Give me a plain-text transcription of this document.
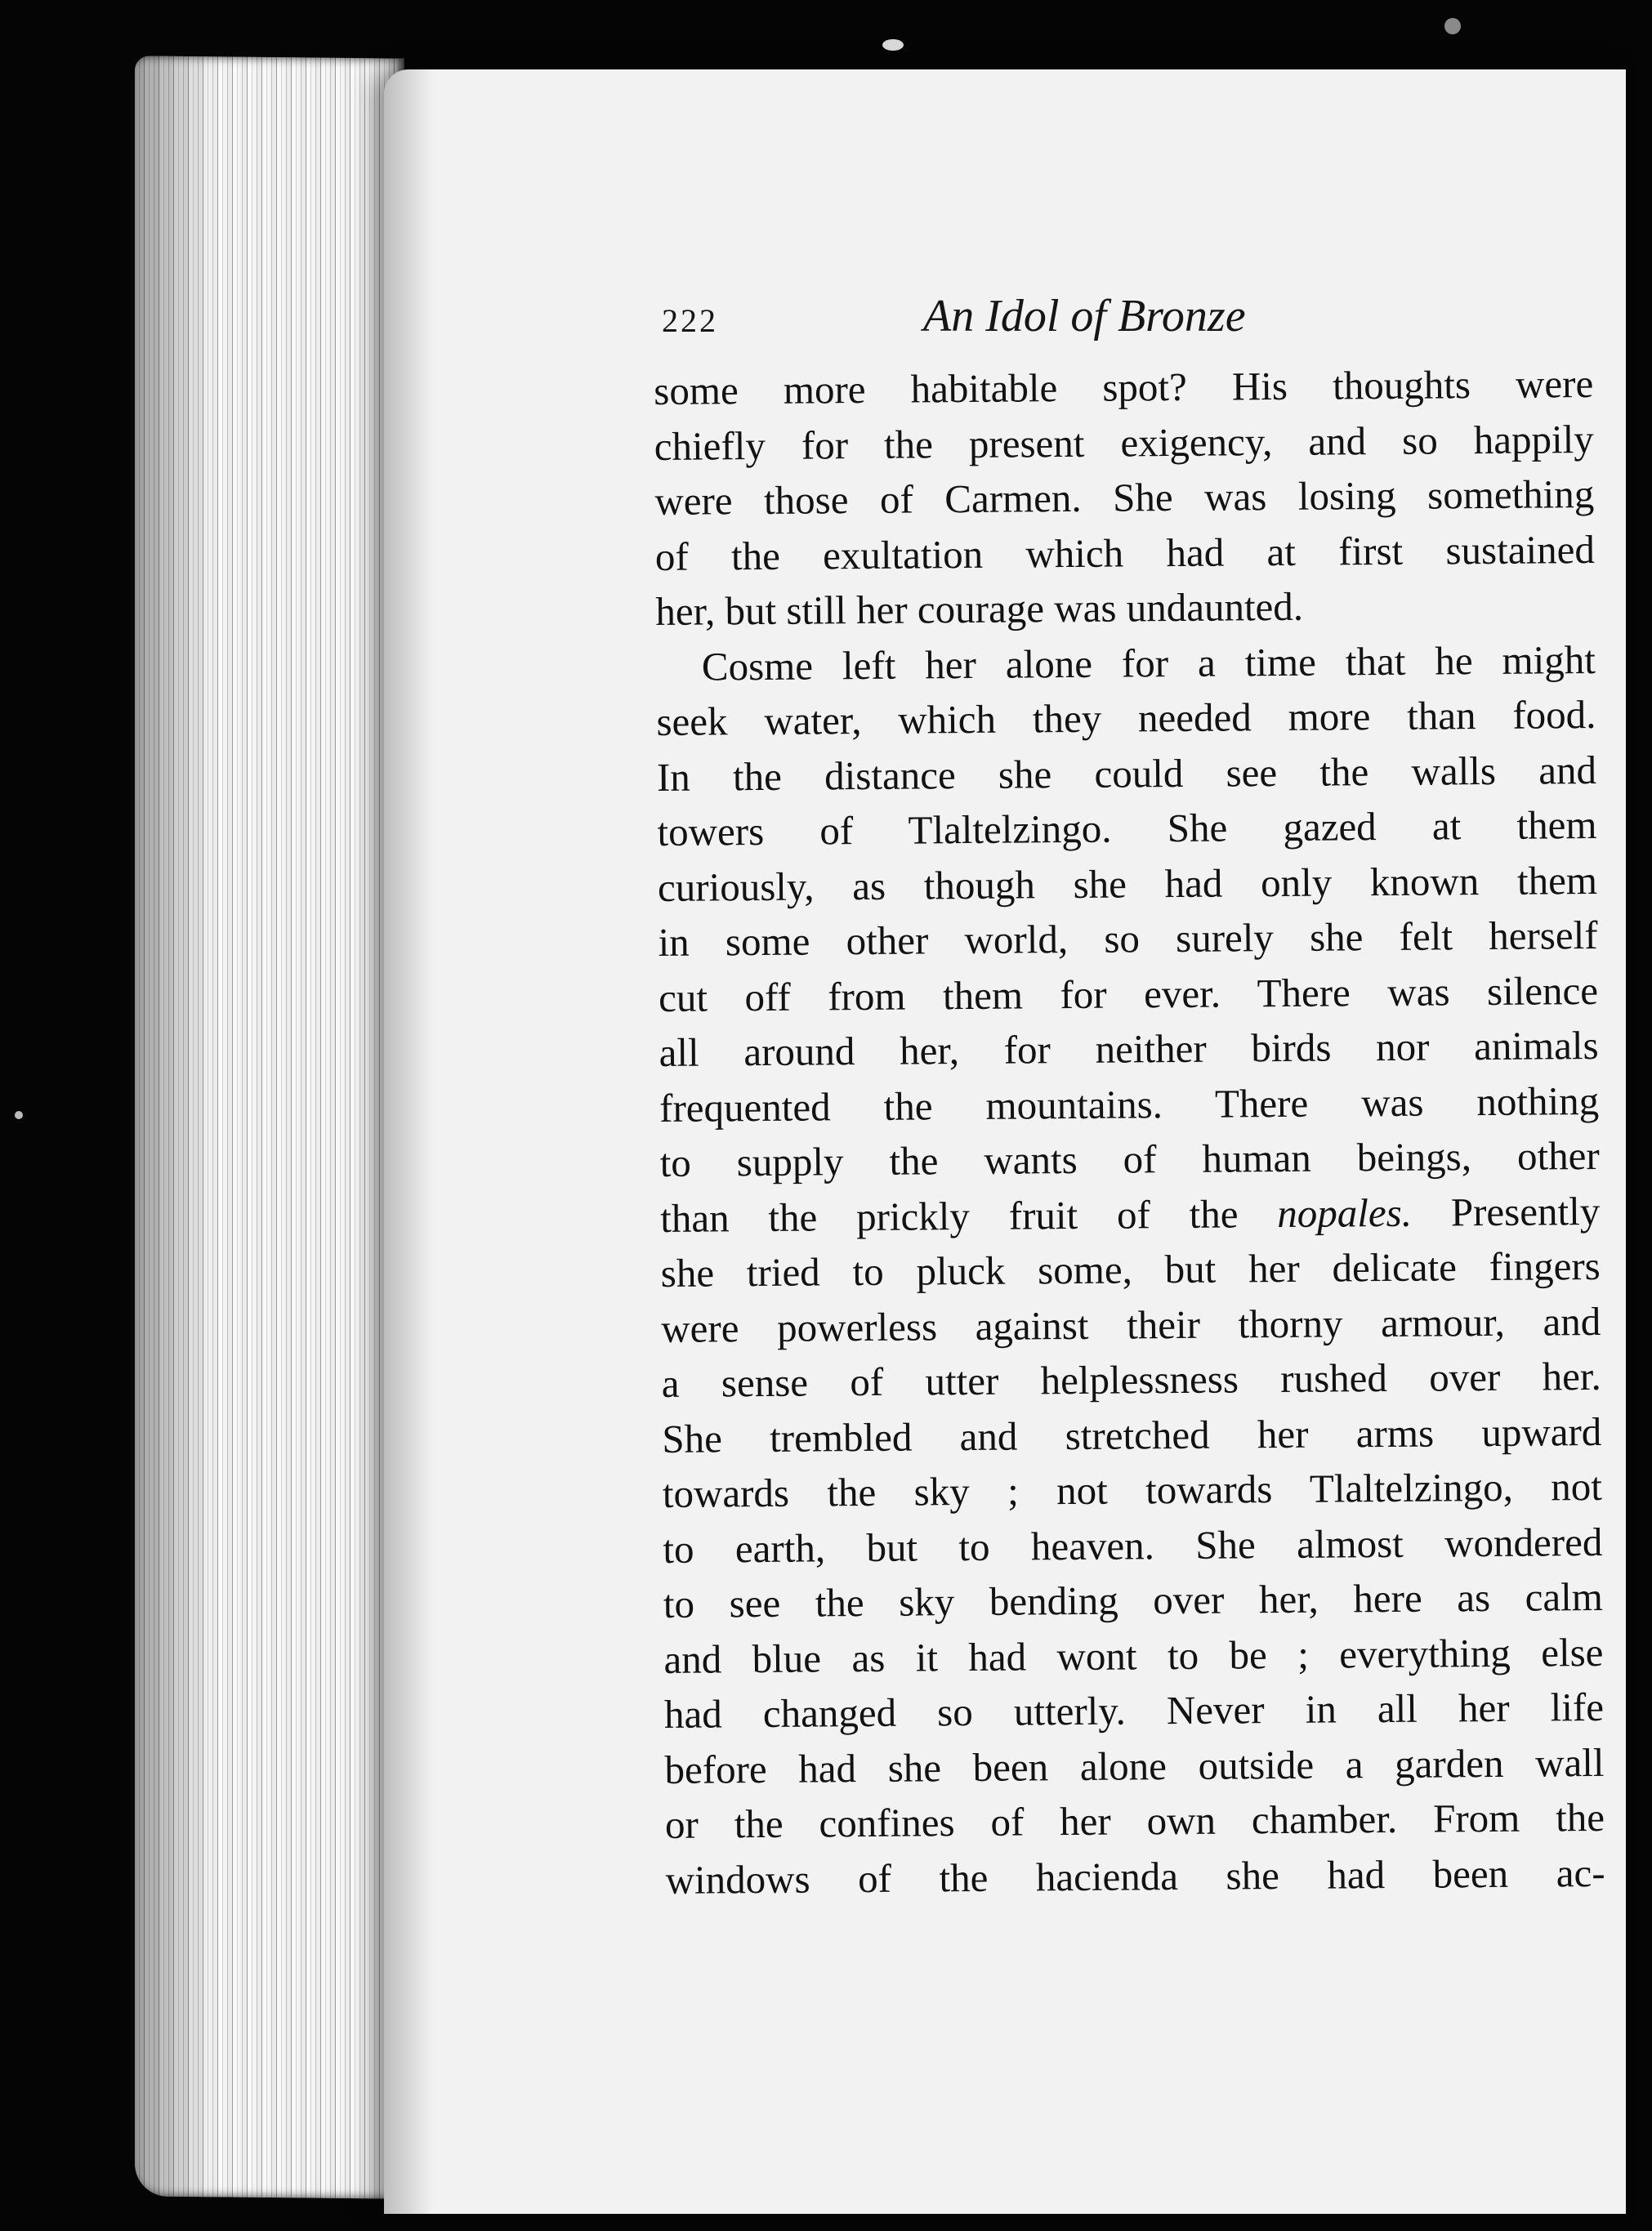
222	An Idol of Bronze
some more habitable spot? His thoughts were
chiefly for the present exigency, and so happily
were those of Carmen. She was losing something
of the exultation which had at first sustained
her, but still her courage was undaunted.
Cosme left her alone for a time that he might
seek water, which they needed more than food.
In the distance she could see the walls and
towers of Tlaltelzingo. She gazed at them
curiously, as though she had only known them
in some other world, so surely she felt herself
cut off from them for ever. There was silence
all around her, for neither birds nor animals
frequented the mountains. There was nothing
to supply the wants of human beings, other
than the prickly fruit of the nopales. Presently
she tried to pluck some, but her delicate fingers
were powerless against their thorny armour, and
a sense of utter helplessness rushed over her.
She trembled and stretched her arms upward
towards the sky ; not towards Tlaltelzingo, not
to earth, but to heaven. She almost wondered
to see the sky bending over her, here as calm
and blue as it had wont to be ; everything else
had changed so utterly. Never in all her life
before had she been alone outside a garden wall
or the confines of her own chamber. From the
windows of the hacienda she had been ac-
